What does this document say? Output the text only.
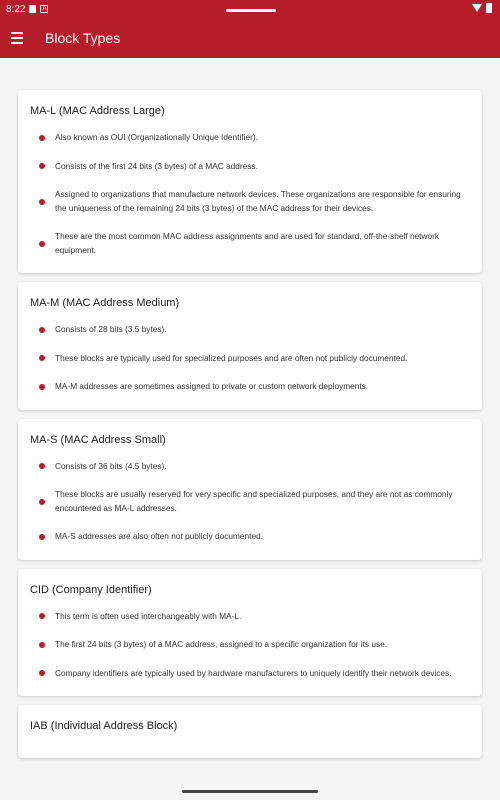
8:22	A
Block Types
MA-L (MAC Address Large)
Also known as OUI (Organizationally Unique Identifier).
Consists of the first 24 bits (3 bytes) of a MAC address.
Assigned to organizations that manufacture network devices. These organizations are responsible for ensuring the uniqueness of the remaining 24 bits (3 bytes) of the MAC address for their devices.
These are the most common MAC address assignments and are used for standard, off-the-shelf network equipment.
MA-M (MAC Address Medium)
Consists of 28 bits (3.5 bytes).
These blocks are typically used for specialized purposes and are often not publicly documented.
MA-M addresses are sometimes assigned to private or custom network deployments.
MA-S (MAC Address Small)
Consists of 36 bits (4.5 bytes).
These blocks are usually reserved for very specific and specialized purposes, and they are not as commonly encountered as MA-L addresses.
MA-S addresses are also often not publicly documented.
CID (Company Identifier)
This term is often used interchangeably with MA-L.
The first 24 bits (3 bytes) of a MAC address, assigned to a specific organization for its use.
Company identifiers are typically used by hardware manufacturers to uniquely identify their network devices.
IAB (Individual Address Block)
